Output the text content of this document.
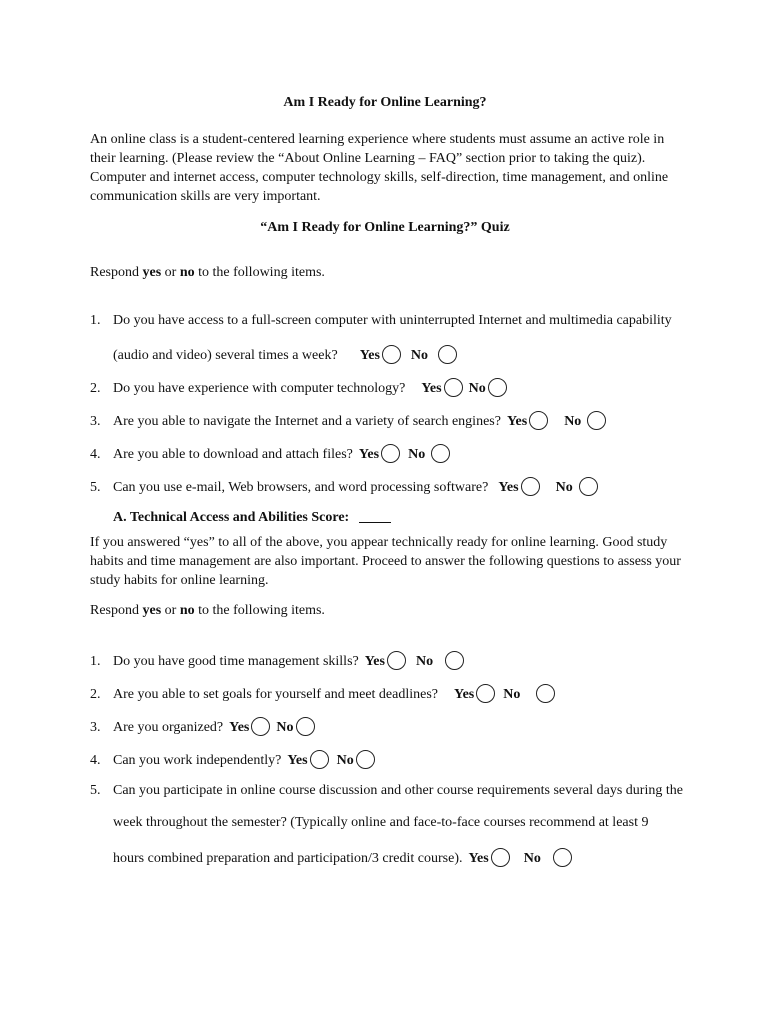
Am I Ready for Online Learning?
An online class is a student-centered learning experience where students must assume an active role in their learning. (Please review the “About Online Learning – FAQ” section prior to taking the quiz). Computer and internet access, computer technology skills, self-direction, time management, and online communication skills are very important.
“Am I Ready for Online Learning?” Quiz
Respond yes or no to the following items.
1. Do you have access to a full-screen computer with uninterrupted Internet and multimedia capability
(audio and video) several times a week? Yes No
2. Do you have experience with computer technology? Yes No
3. Are you able to navigate the Internet and a variety of search engines? Yes	No
4. Are you able to download and attach files? Yes No
5. Can you use e-mail, Web browsers, and word processing software? Yes	No
A. Technical Access and Abilities Score:
If you answered “yes” to all of the above, you appear technically ready for online learning. Good study habits and time management are also important. Proceed to answer the following questions to assess your study habits for online learning.
Respond yes or no to the following items.
1. Do you have good time management skills? Yes No
2. Are you able to set goals for yourself and meet deadlines? Yes No
3. Are you organized? Yes No
4. Can you work independently? Yes No
5. Can you participate in online course discussion and other course requirements several days during the
week throughout the semester? (Typically online and face-to-face courses recommend at least 9
hours combined preparation and participation/3 credit course). Yes	No
